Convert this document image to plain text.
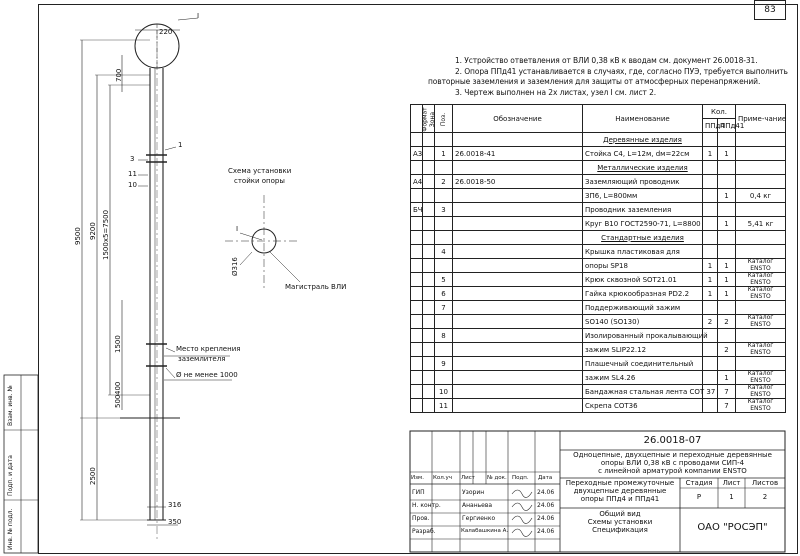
83
Взам. инв. №
Подп. и дата
Инв. № подл.
1. Устройство ответвления от ВЛИ 0,38 кВ к вводам см. документ 26.0018-31.
2. Опора ППд41 устанавливается в случаях, где, согласно ПУЭ, требуется выполнить
повторные заземления и заземления для защиты от атмосферных перенапряжений.
3. Чертеж выполнен на 2х листах, узел I см. лист 2.
220
I
1
3
11
10
700
1500
9500 9200 1500х5=7500
500
400
2500
316
350
Место крепления
заземлителя
Ø не менее 1000
Схема установки
стойки опоры
I
Ø316
Магистраль ВЛИ
Формат	Зона	Поз.	Обозначение	Наименование	Кол.		Приме-чание
					ППд4	ППд41	
				Деревянные изделия			
А3		1	26.0018-41	Стойка С4, L=12м, dм=22см	1	1	
				Металлические изделия			
А4		2	26.0018-50	Заземляющий проводник			
				ЗП6, L=800мм		1	0,4 кг
БЧ		3		Проводник заземления			
				Круг В10 ГОСТ2590-71, L=8800		1	5,41 кг
				Стандартные изделия			
		4		Крышка пластиковая для			
				опоры SP18	1	1	Каталог ENSTO
		5		Крюк сквозной SOT21.01	1	1	Каталог ENSTO
		6		Гайка крюкообразная PD2.2	1	1	Каталог ENSTO
		7		Поддерживающий зажим			
				SO140 (SO130)	2	2	Каталог ENSTO
		8		Изолированный прокалывающий			
				зажим SLIP22.12		2	Каталог ENSTO
		9		Плашечный соединительный			
				зажим SL4.26		1	Каталог ENSTO
		10		Бандажная стальная лента СОТ 37		7	Каталог ENSTO
		11		Скрепа СОТ36		7	Каталог ENSTO
26.0018-07
Одноцепные, двухцепные и переходные деревянные
опоры ВЛИ 0,38 кВ с проводами СИП-4
с линейной арматурой компании ENSTO
Переходные промежуточные
двухцепные деревянные
опоры ППд4 и ППд41
Общий вид
Схемы установки
Спецификация
Стадия	Лист	Листов
Р	1	2
ОАО "РОСЭП"
Изм. Кол.уч Лист № док. Подп. Дата
ГИП	Узорин	24.06
Н. контр.	Ананьева	24.06
Пров.	Гергиенко	24.06
Разраб.	Калабашкина А.	24.06
